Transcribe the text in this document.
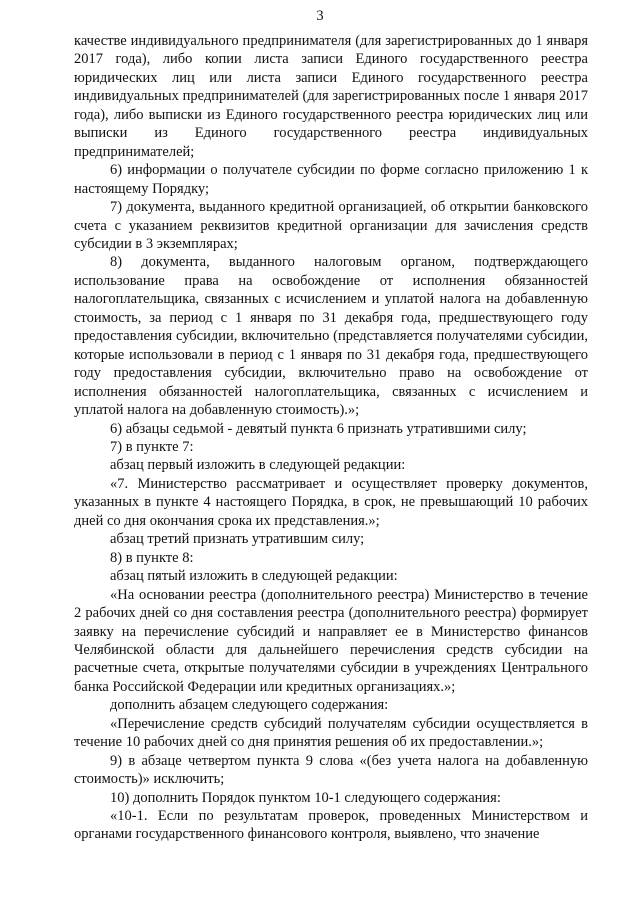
3

качестве индивидуального предпринимателя (для зарегистрированных до 1 января 2017 года), либо копии листа записи Единого государственного реестра юридических лиц или листа записи Единого государственного реестра индивидуальных предпринимателей (для зарегистрированных после 1 января 2017 года), либо выписки из Единого государственного реестра юридических лиц или выписки из Единого государственного реестра индивидуальных предпринимателей;

6) информации о получателе субсидии по форме согласно приложению 1 к настоящему Порядку;

7) документа, выданного кредитной организацией, об открытии банковского счета с указанием реквизитов кредитной организации для зачисления средств субсидии в 3 экземплярах;

8) документа, выданного налоговым органом, подтверждающего использование права на освобождение от исполнения обязанностей налогоплательщика, связанных с исчислением и уплатой налога на добавленную стоимость, за период с 1 января по 31 декабря года, предшествующего году предоставления субсидии, включительно (представляется получателями субсидии, которые использовали в период с 1 января по 31 декабря года, предшествующего году предоставления субсидии, включительно право на освобождение от исполнения обязанностей налогоплательщика, связанных с исчислением и уплатой налога на добавленную стоимость).»;

6) абзацы седьмой - девятый пункта 6 признать утратившими силу;

7) в пункте 7:

абзац первый изложить в следующей редакции:

«7. Министерство рассматривает и осуществляет проверку документов, указанных в пункте 4 настоящего Порядка, в срок, не превышающий 10 рабочих дней со дня окончания срока их представления.»;

абзац третий признать утратившим силу;

8) в пункте 8:

абзац пятый изложить в следующей редакции:

«На основании реестра (дополнительного реестра) Министерство в течение 2 рабочих дней со дня составления реестра (дополнительного реестра) формирует заявку на перечисление субсидий и направляет ее в Министерство финансов Челябинской области для дальнейшего перечисления средств субсидии на расчетные счета, открытые получателями субсидии в учреждениях Центрального банка Российской Федерации или кредитных организациях.»;

дополнить абзацем следующего содержания:

«Перечисление средств субсидий получателям субсидии осуществляется в течение 10 рабочих дней со дня принятия решения об их предоставлении.»;

9) в абзаце четвертом пункта 9 слова «(без учета налога на добавленную стоимость)» исключить;

10) дополнить Порядок пунктом 10-1 следующего содержания:

«10-1. Если по результатам проверок, проведенных Министерством и органами государственного финансового контроля, выявлено, что значение
